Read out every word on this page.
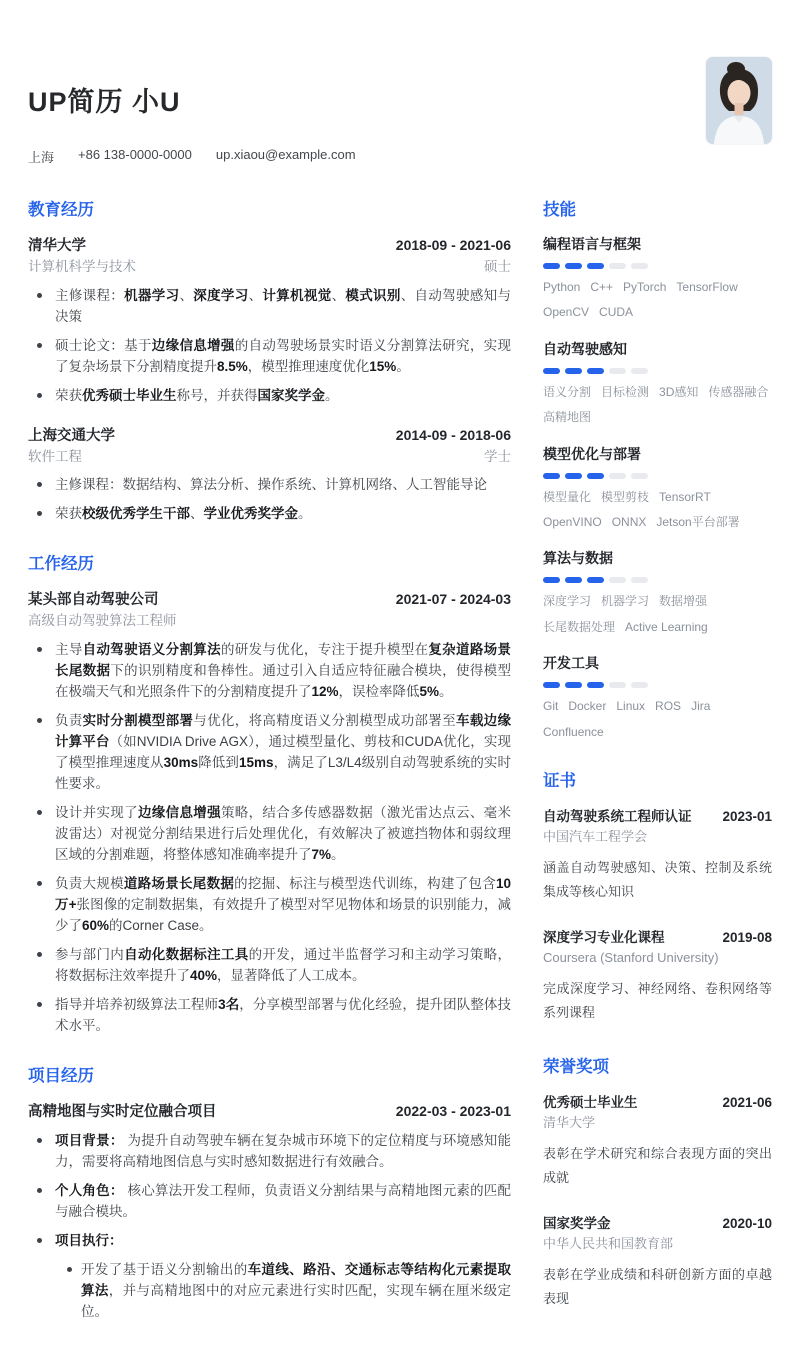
UP简历 小U
上海 +86 138-0000-0000 up.xiaou@example.com
教育经历
清华大学	2018-09 - 2021-06
计算机科学与技术	硕士
主修课程：机器学习、深度学习、计算机视觉、模式识别、自动驾驶感知与决策
硕士论文：基于边缘信息增强的自动驾驶场景实时语义分割算法研究，实现了复杂场景下分割精度提升8.5%，模型推理速度优化15%。
荣获优秀硕士毕业生称号，并获得国家奖学金。
上海交通大学	2014-09 - 2018-06
软件工程	学士
主修课程：数据结构、算法分析、操作系统、计算机网络、人工智能导论
荣获校级优秀学生干部、学业优秀奖学金。
工作经历
某头部自动驾驶公司	2021-07 - 2024-03
高级自动驾驶算法工程师
主导自动驾驶语义分割算法的研发与优化，专注于提升模型在复杂道路场景长尾数据下的识别精度和鲁棒性。通过引入自适应特征融合模块，使得模型在极端天气和光照条件下的分割精度提升了12%，误检率降低5%。
负责实时分割模型部署与优化，将高精度语义分割模型成功部署至车载边缘计算平台（如NVIDIA Drive AGX），通过模型量化、剪枝和CUDA优化，实现了模型推理速度从30ms降低到15ms，满足了L3/L4级别自动驾驶系统的实时性要求。
设计并实现了边缘信息增强策略，结合多传感器数据（激光雷达点云、毫米波雷达）对视觉分割结果进行后处理优化，有效解决了被遮挡物体和弱纹理区域的分割难题，将整体感知准确率提升了7%。
负责大规模道路场景长尾数据的挖掘、标注与模型迭代训练，构建了包含10万+张图像的定制数据集，有效提升了模型对罕见物体和场景的识别能力，减少了60%的Corner Case。
参与部门内自动化数据标注工具的开发，通过半监督学习和主动学习策略，将数据标注效率提升了40%，显著降低了人工成本。
指导并培养初级算法工程师3名，分享模型部署与优化经验，提升团队整体技术水平。
项目经历
高精地图与实时定位融合项目	2022-03 - 2023-01
项目背景： 为提升自动驾驶车辆在复杂城市环境下的定位精度与环境感知能力，需要将高精地图信息与实时感知数据进行有效融合。
个人角色： 核心算法开发工程师，负责语义分割结果与高精地图元素的匹配与融合模块。
项目执行：
开发了基于语义分割输出的车道线、路沿、交通标志等结构化元素提取算法，并与高精地图中的对应元素进行实时匹配，实现车辆在厘米级定位。
技能
编程语言与框架
Python C++ PyTorch TensorFlow
OpenCV CUDA
自动驾驶感知
语义分割 目标检测 3D感知 传感器融合
高精地图
模型优化与部署
模型量化 模型剪枝 TensorRT
OpenVINO ONNX Jetson平台部署
算法与数据
深度学习 机器学习 数据增强
长尾数据处理 Active Learning
开发工具
Git Docker Linux ROS Jira
Confluence
证书
自动驾驶系统工程师认证 2023-01
中国汽车工程学会
涵盖自动驾驶感知、决策、控制及系统集成等核心知识
深度学习专业化课程	2019-08
Coursera (Stanford University)
完成深度学习、神经网络、卷积网络等系列课程
荣誉奖项
优秀硕士毕业生	2021-06
清华大学
表彰在学术研究和综合表现方面的突出成就
国家奖学金	2020-10
中华人民共和国教育部
表彰在学业成绩和科研创新方面的卓越表现
